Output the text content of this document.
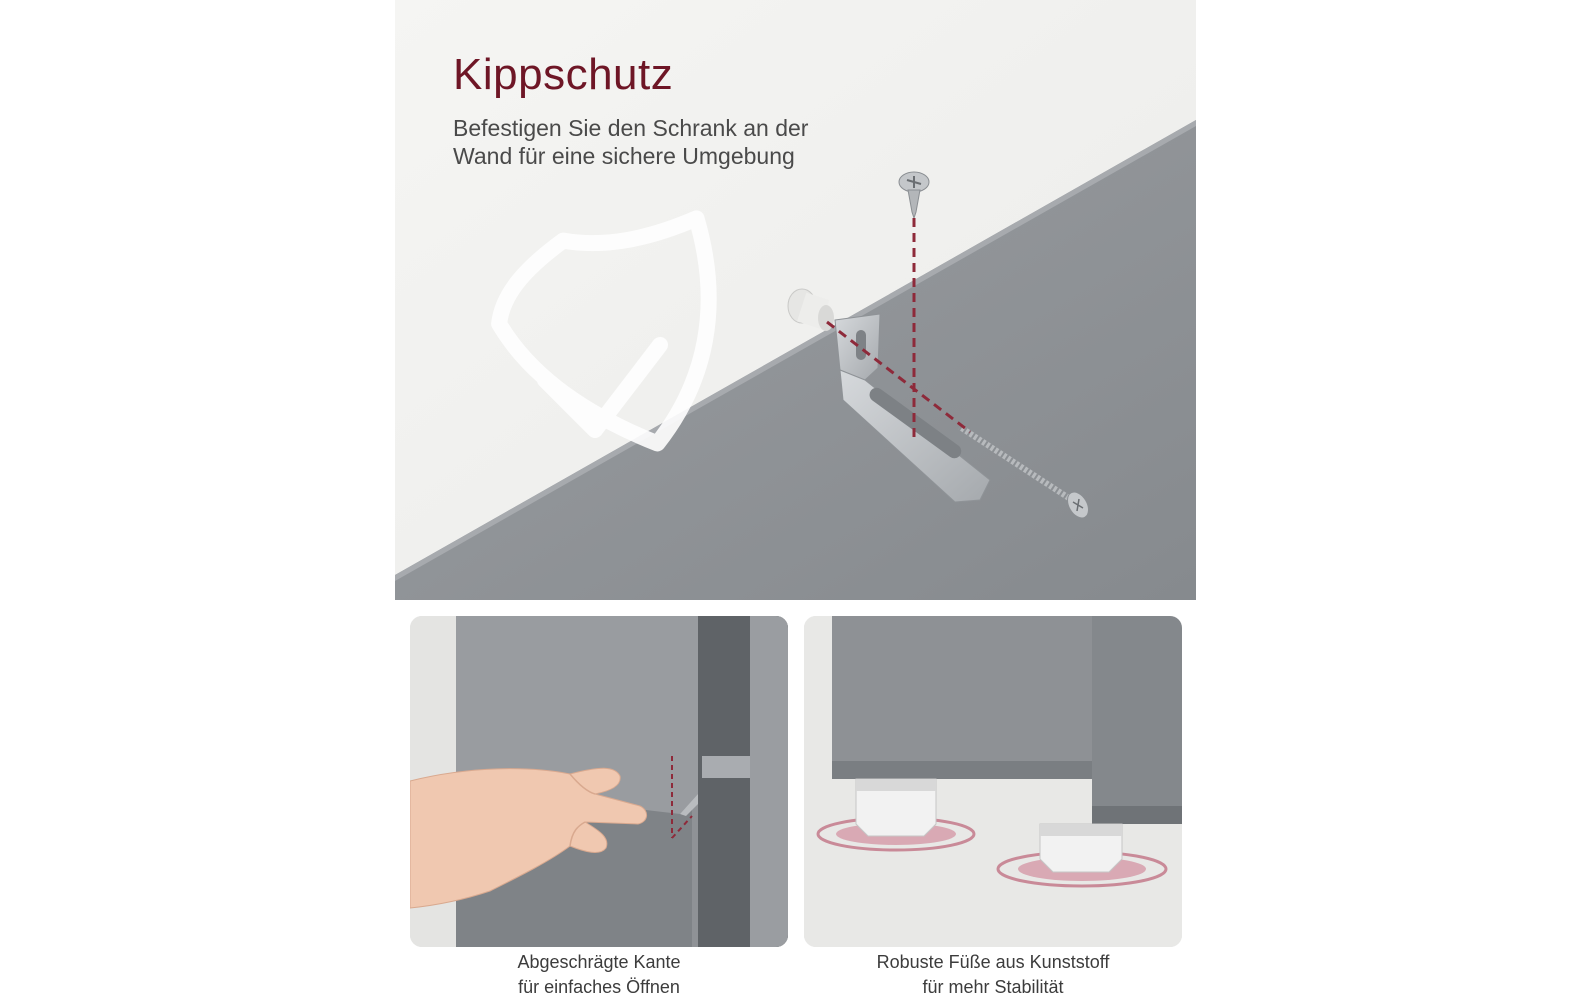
Kippschutz

Befestigen Sie den Schrank an der Wand für eine sichere Umgebung

Abgeschrägte Kante
für einfaches Öffnen

Robuste Füße aus Kunststoff
für mehr Stabilität
